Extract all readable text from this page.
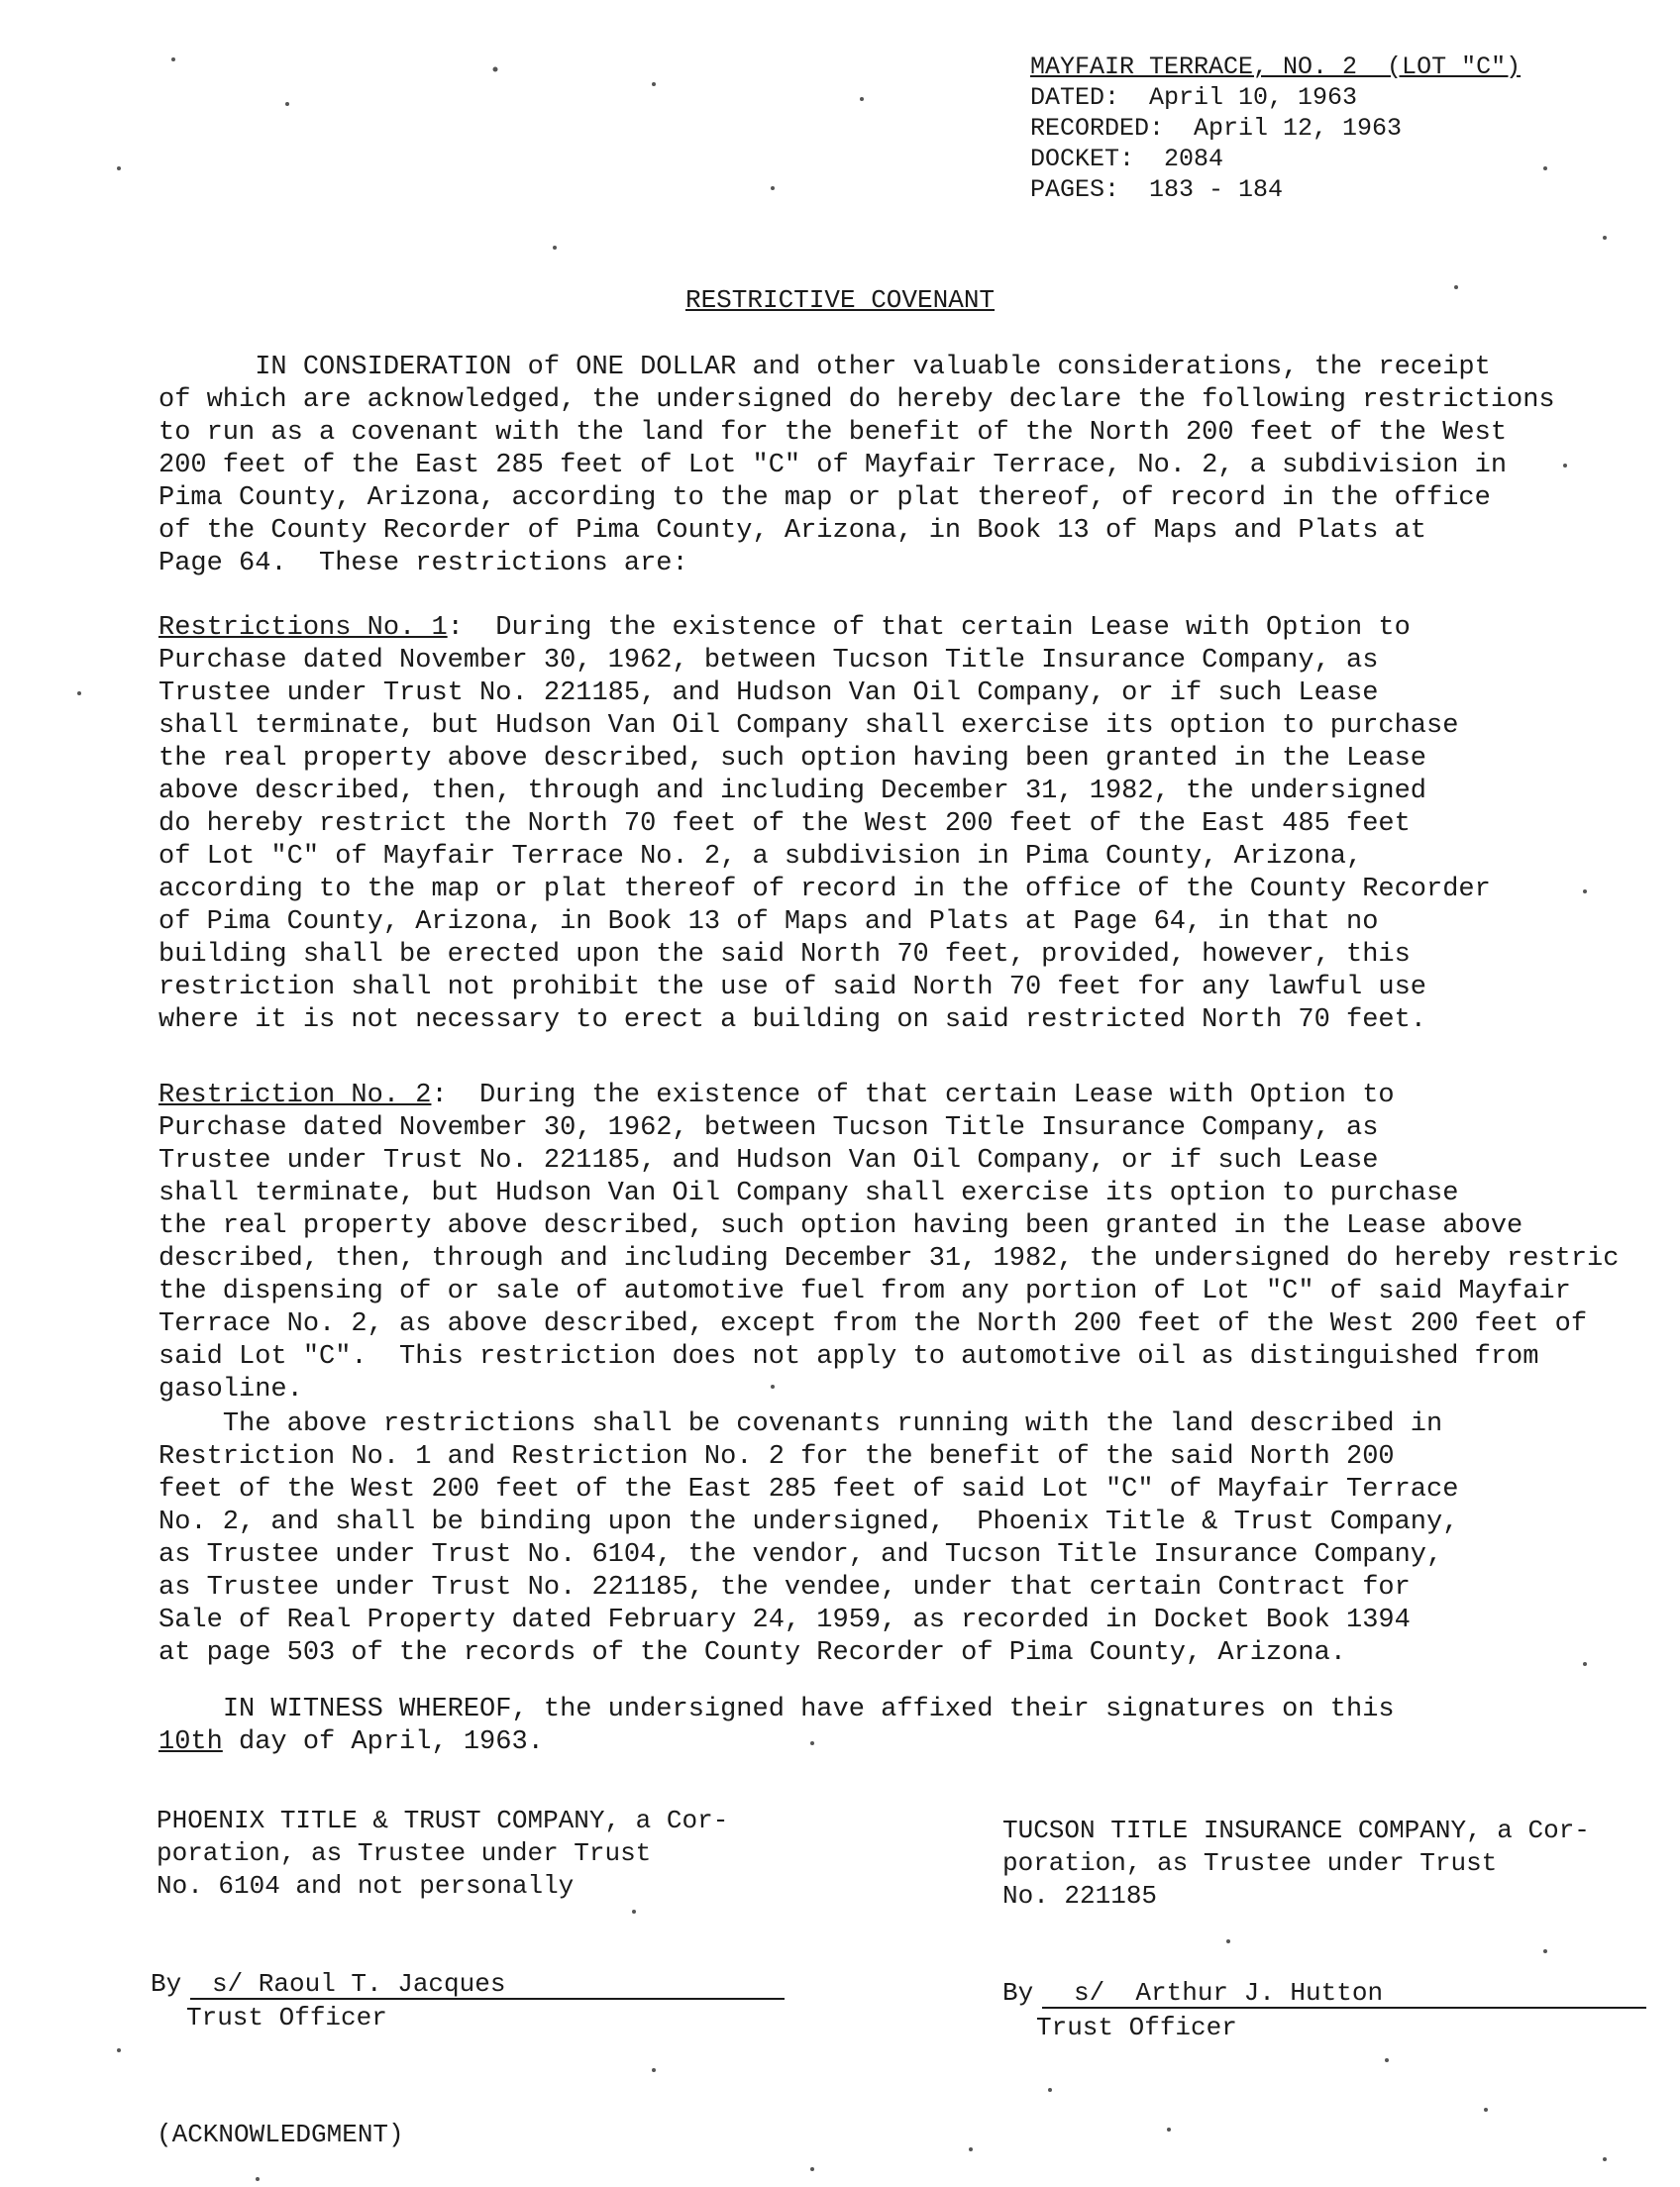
MAYFAIR TERRACE, NO. 2  (LOT "C")
DATED:  April 10, 1963
RECORDED:  April 12, 1963
DOCKET:  2084
PAGES:  183 - 184
RESTRICTIVE COVENANT

IN CONSIDERATION of ONE DOLLAR and other valuable considerations, the receipt
of which are acknowledged, the undersigned do hereby declare the following restrictions
to run as a covenant with the land for the benefit of the North 200 feet of the West
200 feet of the East 285 feet of Lot "C" of Mayfair Terrace, No. 2, a subdivision in
Pima County, Arizona, according to the map or plat thereof, of record in the office
of the County Recorder of Pima County, Arizona, in Book 13 of Maps and Plats at
Page 64.  These restrictions are:

Restrictions No. 1:  During the existence of that certain Lease with Option to
Purchase dated November 30, 1962, between Tucson Title Insurance Company, as
Trustee under Trust No. 221185, and Hudson Van Oil Company, or if such Lease
shall terminate, but Hudson Van Oil Company shall exercise its option to purchase
the real property above described, such option having been granted in the Lease
above described, then, through and including December 31, 1982, the undersigned
do hereby restrict the North 70 feet of the West 200 feet of the East 485 feet
of Lot "C" of Mayfair Terrace No. 2, a subdivision in Pima County, Arizona,
according to the map or plat thereof of record in the office of the County Recorder
of Pima County, Arizona, in Book 13 of Maps and Plats at Page 64, in that no
building shall be erected upon the said North 70 feet, provided, however, this
restriction shall not prohibit the use of said North 70 feet for any lawful use
where it is not necessary to erect a building on said restricted North 70 feet.

Restriction No. 2:  During the existence of that certain Lease with Option to
Purchase dated November 30, 1962, between Tucson Title Insurance Company, as
Trustee under Trust No. 221185, and Hudson Van Oil Company, or if such Lease
shall terminate, but Hudson Van Oil Company shall exercise its option to purchase
the real property above described, such option having been granted in the Lease above
described, then, through and including December 31, 1982, the undersigned do hereby restric
the dispensing of or sale of automotive fuel from any portion of Lot "C" of said Mayfair
Terrace No. 2, as above described, except from the North 200 feet of the West 200 feet of
said Lot "C".  This restriction does not apply to automotive oil as distinguished from
gasoline.

The above restrictions shall be covenants running with the land described in
Restriction No. 1 and Restriction No. 2 for the benefit of the said North 200
feet of the West 200 feet of the East 285 feet of said Lot "C" of Mayfair Terrace
No. 2, and shall be binding upon the undersigned,  Phoenix Title & Trust Company,
as Trustee under Trust No. 6104, the vendor, and Tucson Title Insurance Company,
as Trustee under Trust No. 221185, the vendee, under that certain Contract for
Sale of Real Property dated February 24, 1959, as recorded in Docket Book 1394
at page 503 of the records of the County Recorder of Pima County, Arizona.

IN WITNESS WHEREOF, the undersigned have affixed their signatures on this
10th day of April, 1963.
PHOENIX TITLE & TRUST COMPANY, a Cor-
poration, as Trustee under Trust
No. 6104 and not personally
TUCSON TITLE INSURANCE COMPANY, a Cor-
poration, as Trustee under Trust
No. 221185
By s/ Raoul T. Jacques
Trust Officer
By s/  Arthur J. Hutton
Trust Officer
(ACKNOWLEDGMENT)
